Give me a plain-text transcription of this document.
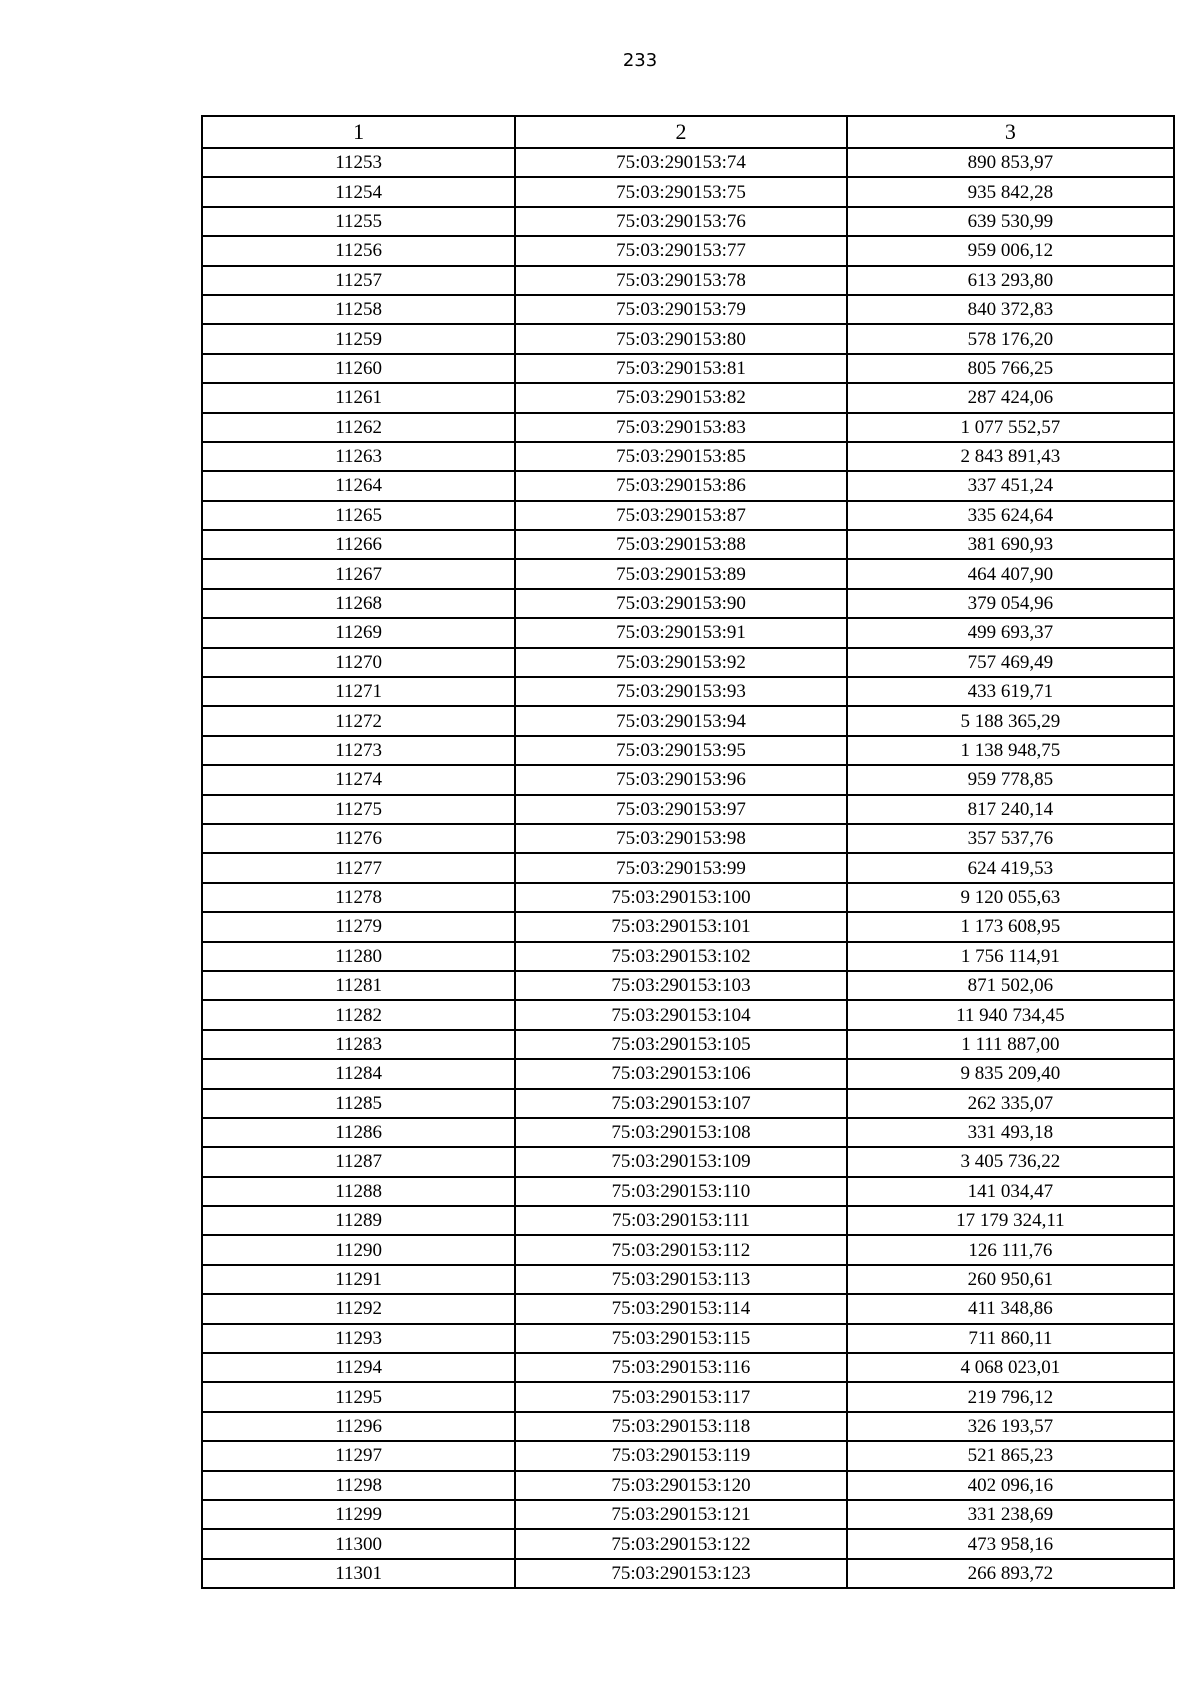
233
1	2	3
11253	75:03:290153:74	890 853,97
11254	75:03:290153:75	935 842,28
11255	75:03:290153:76	639 530,99
11256	75:03:290153:77	959 006,12
11257	75:03:290153:78	613 293,80
11258	75:03:290153:79	840 372,83
11259	75:03:290153:80	578 176,20
11260	75:03:290153:81	805 766,25
11261	75:03:290153:82	287 424,06
11262	75:03:290153:83	1 077 552,57
11263	75:03:290153:85	2 843 891,43
11264	75:03:290153:86	337 451,24
11265	75:03:290153:87	335 624,64
11266	75:03:290153:88	381 690,93
11267	75:03:290153:89	464 407,90
11268	75:03:290153:90	379 054,96
11269	75:03:290153:91	499 693,37
11270	75:03:290153:92	757 469,49
11271	75:03:290153:93	433 619,71
11272	75:03:290153:94	5 188 365,29
11273	75:03:290153:95	1 138 948,75
11274	75:03:290153:96	959 778,85
11275	75:03:290153:97	817 240,14
11276	75:03:290153:98	357 537,76
11277	75:03:290153:99	624 419,53
11278	75:03:290153:100	9 120 055,63
11279	75:03:290153:101	1 173 608,95
11280	75:03:290153:102	1 756 114,91
11281	75:03:290153:103	871 502,06
11282	75:03:290153:104	11 940 734,45
11283	75:03:290153:105	1 111 887,00
11284	75:03:290153:106	9 835 209,40
11285	75:03:290153:107	262 335,07
11286	75:03:290153:108	331 493,18
11287	75:03:290153:109	3 405 736,22
11288	75:03:290153:110	141 034,47
11289	75:03:290153:111	17 179 324,11
11290	75:03:290153:112	126 111,76
11291	75:03:290153:113	260 950,61
11292	75:03:290153:114	411 348,86
11293	75:03:290153:115	711 860,11
11294	75:03:290153:116	4 068 023,01
11295	75:03:290153:117	219 796,12
11296	75:03:290153:118	326 193,57
11297	75:03:290153:119	521 865,23
11298	75:03:290153:120	402 096,16
11299	75:03:290153:121	331 238,69
11300	75:03:290153:122	473 958,16
11301	75:03:290153:123	266 893,72
